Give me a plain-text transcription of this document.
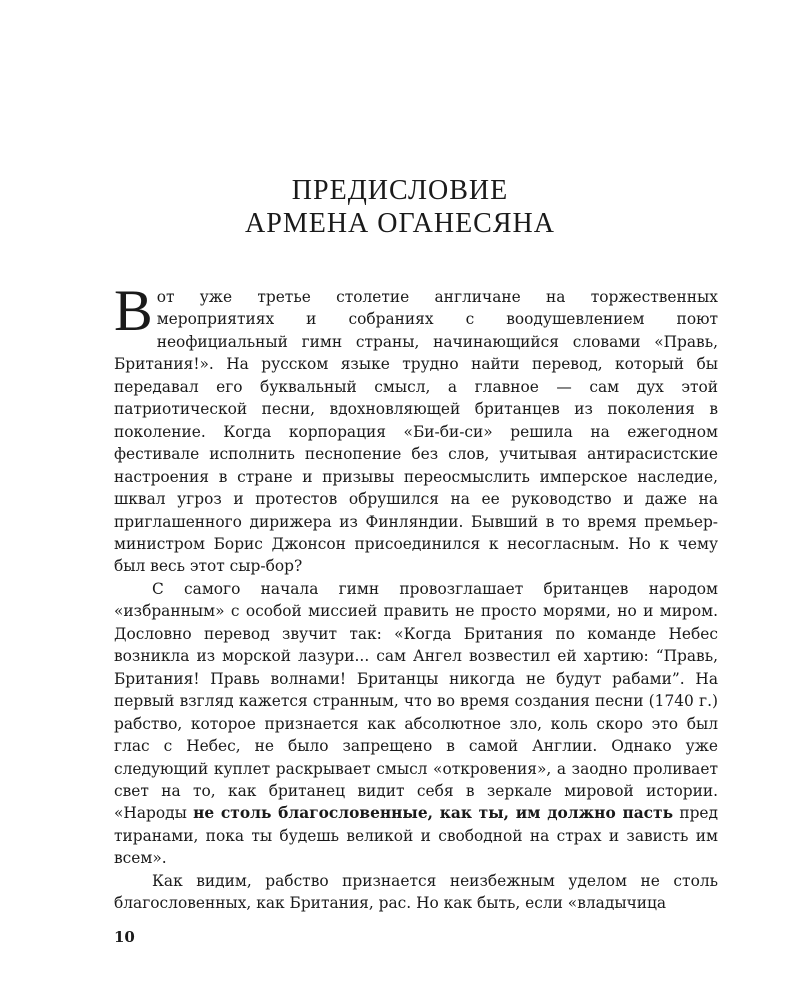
ПРЕДИСЛОВИЕ
АРМЕНА ОГАНЕСЯНА

Вот уже третье столетие англичане на торжественных мероприятиях и собраниях с воодушевлением поют неофициальный гимн страны, начинающийся словами «Правь, Британия!». На русском языке трудно найти перевод, который бы передавал его буквальный смысл, а главное — сам дух этой патриотической песни, вдохновляющей британцев из поколения в поколение. Когда корпорация «Би-би-си» решила на ежегодном фестивале исполнить песнопение без слов, учитывая антирасистские настроения в стране и призывы переосмыслить имперское наследие, шквал угроз и протестов обрушился на ее руководство и даже на приглашенного дирижера из Финляндии. Бывший в то время премьер-министром Борис Джонсон присоединился к несогласным. Но к чему был весь этот сыр-бор?

С самого начала гимн провозглашает британцев народом «избранным» с особой миссией править не просто морями, но и миром. Дословно перевод звучит так: «Когда Британия по команде Небес возникла из морской лазури... сам Ангел возвестил ей хартию: “Правь, Британия! Правь волнами! Британцы никогда не будут рабами”. На первый взгляд кажется странным, что во время создания песни (1740 г.) рабство, которое признается как абсолютное зло, коль скоро это был глас с Небес, не было запрещено в самой Англии. Однако уже следующий куплет раскрывает смысл «откровения», а заодно проливает свет на то, как британец видит себя в зеркале мировой истории. «Народы не столь благословенные, как ты, им должно пасть пред тиранами, пока ты будешь великой и свободной на страх и зависть им всем».

Как видим, рабство признается неизбежным уделом не столь благословенных, как Британия, рас. Но как быть, если «владычица

10
